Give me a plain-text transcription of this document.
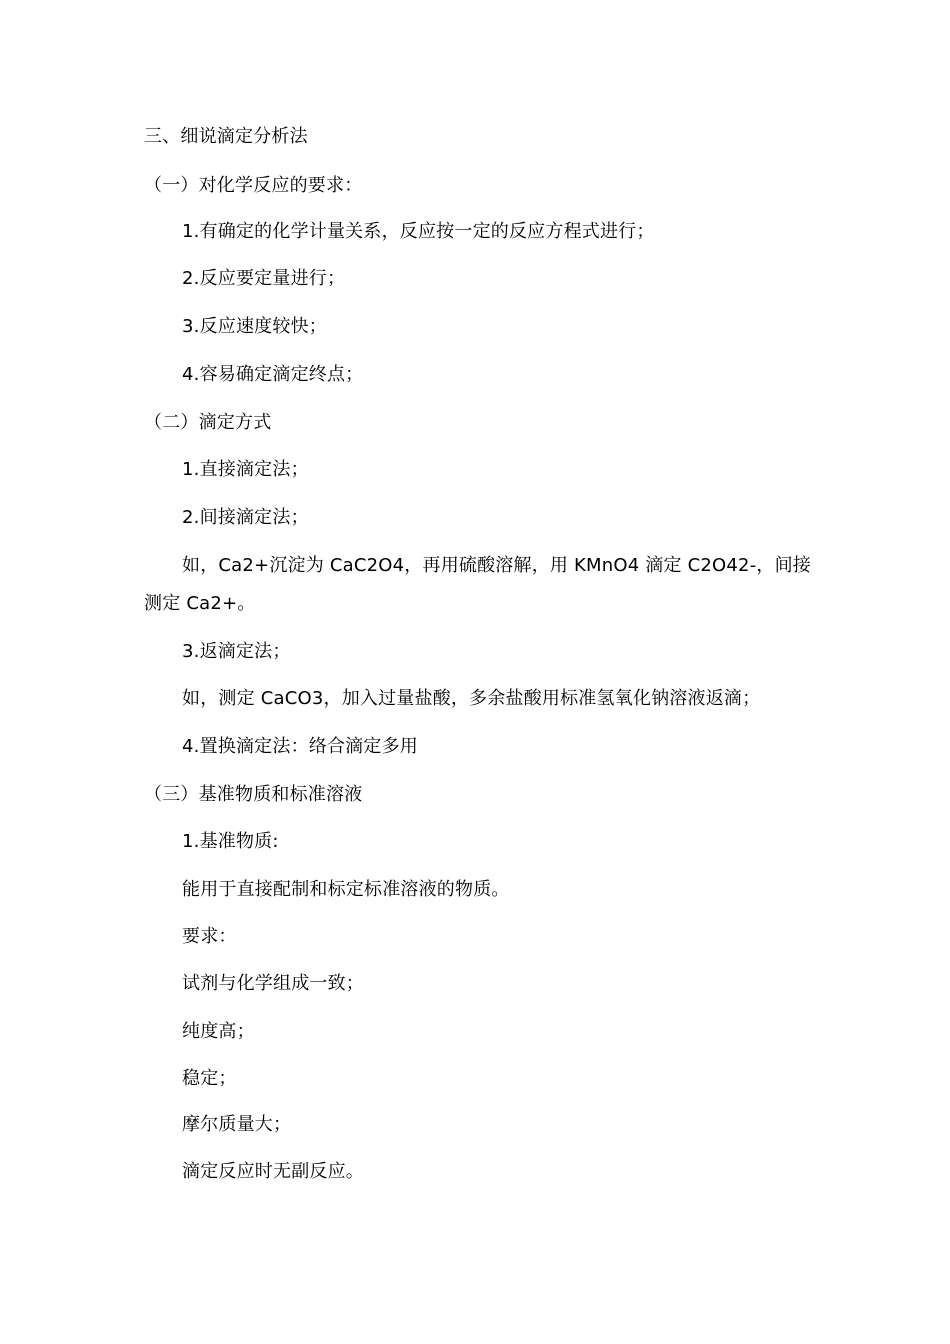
三、细说滴定分析法
（一）对化学反应的要求：
1.有确定的化学计量关系，反应按一定的反应方程式进行；
2.反应要定量进行；
3.反应速度较快；
4.容易确定滴定终点；
（二）滴定方式
1.直接滴定法；
2.间接滴定法；
如，Ca2+沉淀为 CaC2O4，再用硫酸溶解，用 KMnO4 滴定 C2O42-，间接测定 Ca2+。
3.返滴定法；
如，测定 CaCO3，加入过量盐酸，多余盐酸用标准氢氧化钠溶液返滴；
4.置换滴定法：络合滴定多用
（三）基准物质和标准溶液
1.基准物质:
能用于直接配制和标定标准溶液的物质。
要求：
试剂与化学组成一致；
纯度高；
稳定；
摩尔质量大；
滴定反应时无副反应。
